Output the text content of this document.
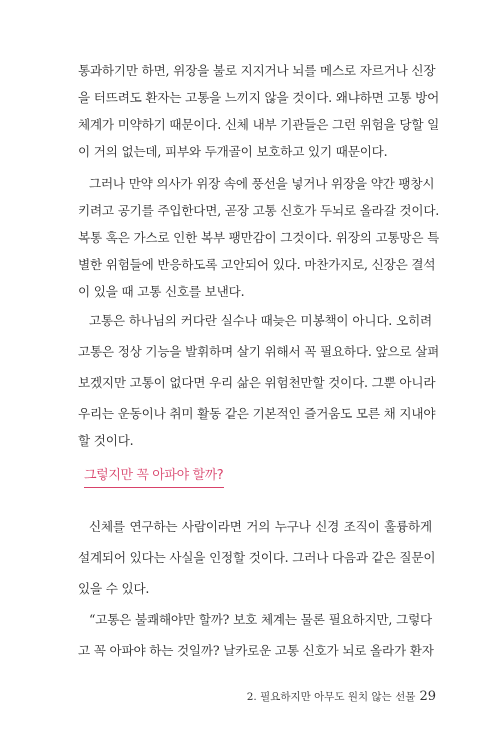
통과하기만 하면, 위장을 불로 지지거나 뇌를 메스로 자르거나 신장
을 터뜨려도 환자는 고통을 느끼지 않을 것이다. 왜냐하면 고통 방어
체계가 미약하기 때문이다. 신체 내부 기관들은 그런 위험을 당할 일
이 거의 없는데, 피부와 두개골이 보호하고 있기 때문이다.
그러나 만약 의사가 위장 속에 풍선을 넣거나 위장을 약간 팽창시
키려고 공기를 주입한다면, 곧장 고통 신호가 두뇌로 올라갈 것이다.
복통 혹은 가스로 인한 복부 팽만감이 그것이다. 위장의 고통망은 특
별한 위험들에 반응하도록 고안되어 있다. 마찬가지로, 신장은 결석
이 있을 때 고통 신호를 보낸다.
고통은 하나님의 커다란 실수나 때늦은 미봉책이 아니다. 오히려
고통은 정상 기능을 발휘하며 살기 위해서 꼭 필요하다. 앞으로 살펴
보겠지만 고통이 없다면 우리 삶은 위험천만할 것이다. 그뿐 아니라
우리는 운동이나 취미 활동 같은 기본적인 즐거움도 모른 채 지내야
그렇지만 꼭 아파야 할까?
신체를 연구하는 사람이라면 거의 누구나 신경 조직이 훌륭하게
설계되어 있다는 사실을 인정할 것이다. 그러나 다음과 같은 질문이
있을 수 있다.
“고통은 불쾌해야만 할까? 보호 체계는 물론 필요하지만, 그렇다
고 꼭 아파야 하는 것일까? 날카로운 고통 신호가 뇌로 올라가 환자
2. 필요하지만 아무도 원치 않는 선물 29
할 것이다.
